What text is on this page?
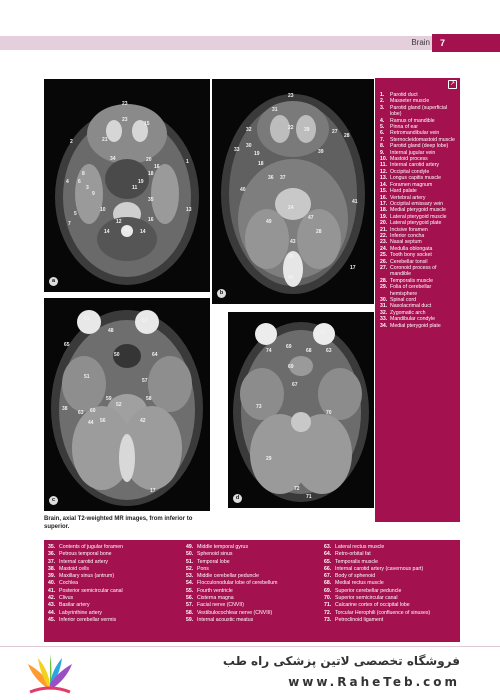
Brain	7
23
23
15
2
34	1
20
16
18
8
4 6
3
9
11
13
5
10
12
31
14	14
7
16
35
19
21
a
23
31
22 39
32
33
27
28
30
19
18
39
36 37
40
41
24
47
28
49
43
26
17
46
b
61	62
48
65
50
51
57
58
64
59
52
38	60
63
44 56	42
17
c
62
74
69
68	63
69
67
73
70
29
72
71
d
↗
1.	Parotid duct
2.	Masseter muscle
3.	Parotid gland (superficial lobe)
4.	Ramus of mandible
5.	Pinna of ear
6.	Retromandibular vein
7.	Sternocleidomastoid muscle
8.	Parotid gland (deep lobe)
9.	Internal jugular vein
10. Mastoid process
11. Internal carotid artery
12. Occipital condyle
13. Longus capitis muscle
14. Foramen magnum
15. Hard palate
16. Vertebral artery
17. Occipital emissary vein
18. Medial pterygoid muscle
19. Lateral pterygoid muscle
20. Lateral pterygoid plate
21. Incisive foramen
22. Inferior concha
23. Nasal septum
24. Medulla oblongata
25. Tooth bony socket
26. Cerebellar tonsil
27. Coronoid process of mandible
28. Temporalis muscle
29. Folia of cerebellar hemisphere
30. Spinal cord
31. Nasolacrimal duct
32. Zygomatic arch
33. Mandibular condyle
34. Medial pterygoid plate
Brain, axial T2-weighted MR images, from inferior to superior.
35. Contents of jugular foramen
36. Petrous temporal bone
37. Internal carotid artery
38. Mastoid cells
39. Maxillary sinus (antrum)
40. Cochlea
41. Posterior semicircular canal
42. Clivus
43. Basilar artery
44. Labyrinthine artery
45. Inferior cerebellar vermis
49. Middle temporal gyrus
50. Sphenoid sinus
51. Temporal lobe
52. Pons
53. Middle cerebellar peduncle
54. Flocculonodular lobe of cerebellum
55. Fourth ventricle
56. Cisterna magna
57. Facial nerve (CNVII)
58. Vestibulocochlear nerve (CNVIII)
59. Internal acoustic meatus
63. Lateral rectus muscle
64. Retro-orbital fat
65. Temporalis muscle
66. Internal carotid artery (cavernous part)
67. Body of sphenoid
68. Medial rectus muscle
69. Superior cerebellar peduncle
70. Superior semicircular canal
71. Calcarine cortex of occipital lobe
72. Torcular Herophili (confluence of sinuses)
73. Petroclinoid ligament
فروشگاه تخصصی لاتین پزشکی راه طب
www.RaheTeb.com
